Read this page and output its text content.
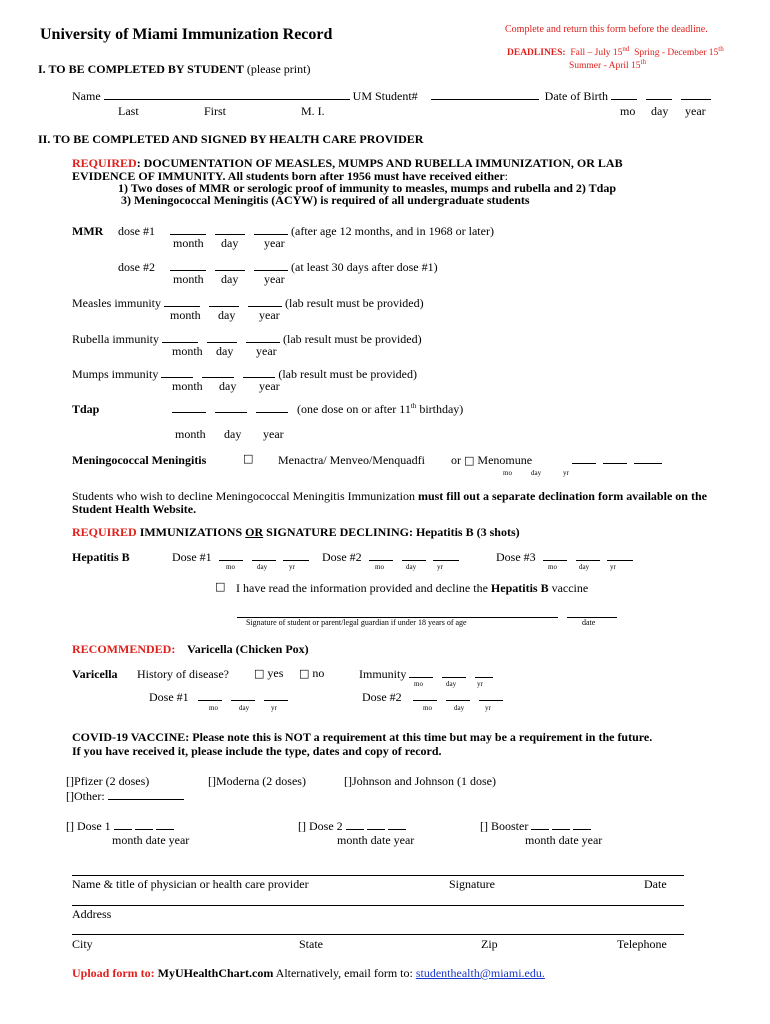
University of Miami Immunization Record	Complete and return this form before the deadline.
DEADLINES: Fall – July 15nd Spring - December 15th
Summer - April 15th
I. TO BE COMPLETED BY STUDENT (please print)
Name	UM Student#	Date of Birth
Last	First	M. I.	mo day year
II. TO BE COMPLETED AND SIGNED BY HEALTH CARE PROVIDER
REQUIRED: DOCUMENTATION OF MEASLES, MUMPS AND RUBELLA IMMUNIZATION, OR LAB
EVIDENCE OF IMMUNITY. All students born after 1956 must have received either:
1) Two doses of MMR or serologic proof of immunity to measles, mumps and rubella and 2) Tdap
3) Meningococcal Meningitis (ACYW) is required of all undergraduate students
MMR dose #1	(after age 12 months, and in 1968 or later)
month day year
dose #2	(at least 30 days after dose #1)
month day year
Measles immunity	(lab result must be provided)
month day year
Rubella immunity	(lab result must be provided)
month day year
Mumps immunity	(lab result must be provided)
month day year
Tdap	(one dose on or after 11th birthday)
month day year
Meningococcal Meningitis	□ Menactra/ Menveo/Menquadfi or □ Menomune

mo	day	yr
Students who wish to decline Meningococcal Meningitis Immunization must fill out a separate declination form available on the
Student Health Website.
REQUIRED IMMUNIZATIONS OR SIGNATURE DECLINING: Hepatitis B (3 shots)
Hepatitis B	Dose #1	Dose #2	Dose #3
mo	day	yr	mo	day	yr	mo	day	yr
□ I have read the information provided and decline the Hepatitis B vaccine
Signature of student or parent/legal guardian if under 18 years of age	date
RECOMMENDED: Varicella (Chicken Pox)
Varicella History of disease? □ yes □ no	Immunity
mo	day	yr
Dose #1
mo	day	yr
Dose #2
mo	day	yr
COVID-19 VACCINE: Please note this is NOT a requirement at this time but may be a requirement in the future.
If you have received it, please include the type, dates and copy of record.
[]Pfizer (2 doses)	[]Moderna (2 doses)	[]Johnson and Johnson (1 dose)
[]Other:
[] Dose 1
month date year
[] Dose 2
month date year
[] Booster
month date year
Name & title of physician or health care provider	Signature	Date
Address
City	State	Zip	Telephone
Upload form to: MyUHealthChart.com Alternatively, email form to: studenthealth@miami.edu.
